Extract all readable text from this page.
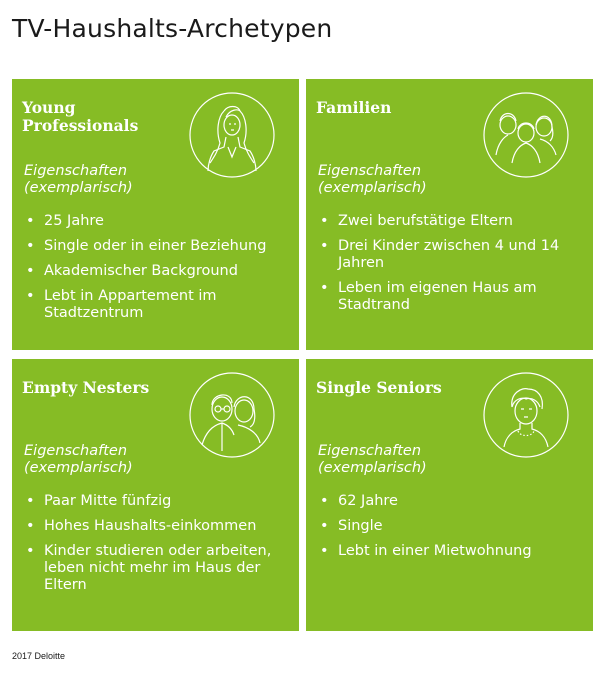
TV-Haushalts-Archetypen
Young Professionals
Eigenschaften
(exemplarisch)
• 25 Jahre
• Single oder in einer Beziehung
• Akademischer Background
• Lebt in Appartement im Stadtzentrum
Familien
Eigenschaften
(exemplarisch)
• Zwei berufstätige Eltern
• Drei Kinder zwischen 4 und 14 Jahren
• Leben im eigenen Haus am Stadtrand
Empty Nesters
Eigenschaften
(exemplarisch)
• Paar Mitte fünfzig
• Hohes Haushalts-einkommen
• Kinder studieren oder arbeiten, leben nicht mehr im Haus der Eltern
Single Seniors
Eigenschaften
(exemplarisch)
• 62 Jahre
• Single
• Lebt in einer Mietwohnung
2017 Deloitte
